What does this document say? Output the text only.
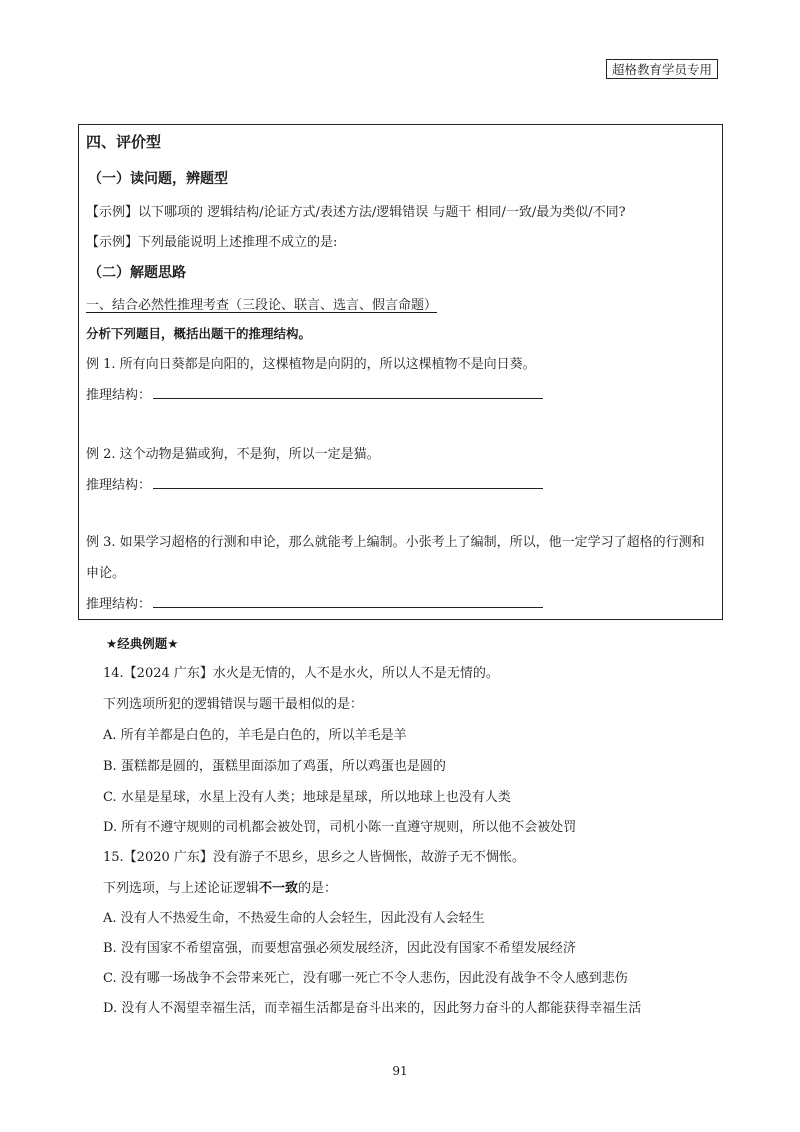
超格教育学员专用
四、评价型
（一）读问题，辨题型
【示例】以下哪项的 逻辑结构/论证方式/表述方法/逻辑错误 与题干 相同/一致/最为类似/不同?
【示例】下列最能说明上述推理不成立的是:
（二）解题思路
一、结合必然性推理考查（三段论、联言、选言、假言命题）
分析下列题目，概括出题干的推理结构。
例 1. 所有向日葵都是向阳的，这棵植物是向阴的，所以这棵植物不是向日葵。
推理结构：
例 2. 这个动物是猫或狗，不是狗，所以一定是猫。
推理结构：
例 3. 如果学习超格的行测和申论，那么就能考上编制。小张考上了编制，所以，他一定学习了超格的行测和
申论。
推理结构：
★经典例题★
14.【2024 广东】水火是无情的，人不是水火，所以人不是无情的。
下列选项所犯的逻辑错误与题干最相似的是：
A. 所有羊都是白色的，羊毛是白色的，所以羊毛是羊
B. 蛋糕都是圆的，蛋糕里面添加了鸡蛋，所以鸡蛋也是圆的
C. 水星是星球，水星上没有人类；地球是星球，所以地球上也没有人类
D. 所有不遵守规则的司机都会被处罚，司机小陈一直遵守规则，所以他不会被处罚
15.【2020 广东】没有游子不思乡，思乡之人皆惆怅，故游子无不惆怅。
下列选项，与上述论证逻辑不一致的是：
A. 没有人不热爱生命，不热爱生命的人会轻生，因此没有人会轻生
B. 没有国家不希望富强，而要想富强必须发展经济，因此没有国家不希望发展经济
C. 没有哪一场战争不会带来死亡，没有哪一死亡不令人悲伤，因此没有战争不令人感到悲伤
D. 没有人不渴望幸福生活，而幸福生活都是奋斗出来的，因此努力奋斗的人都能获得幸福生活
91
